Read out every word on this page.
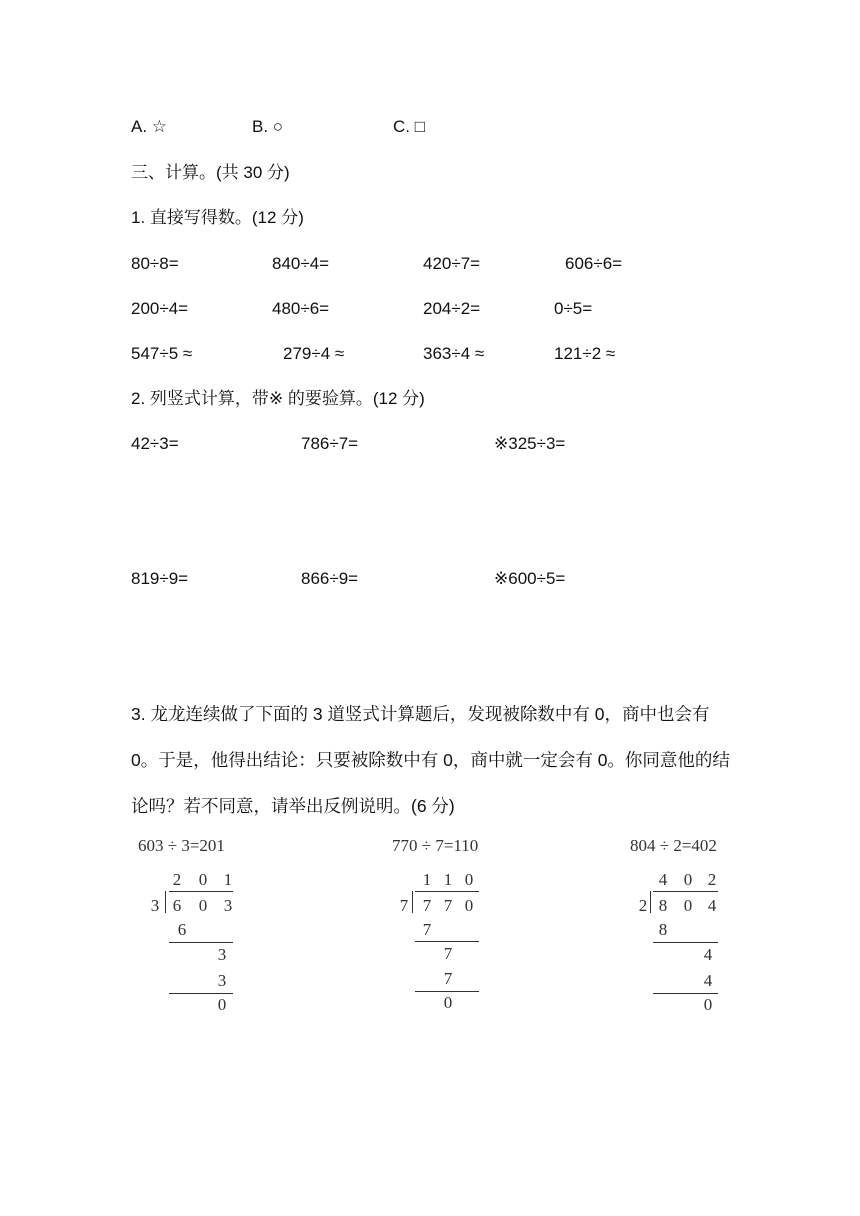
A. ☆	B. ○	C. □
三、计算。(共 30 分)
1. 直接写得数。(12 分)
80÷8=	840÷4=	420÷7=	606÷6=
200÷4=	480÷6=	204÷2=	0÷5=
547÷5 ≈	279÷4 ≈	363÷4 ≈	121÷2 ≈
2. 列竖式计算，带※ 的要验算。(12 分)
42÷3=	786÷7=	※325÷3=
819÷9=	866÷9=	※600÷5=
3. 龙龙连续做了下面的 3 道竖式计算题后，发现被除数中有 0，商中也会有 0。于是，他得出结论：只要被除数中有 0，商中就一定会有 0。你同意他的结论吗？若不同意，请举出反例说明。(6 分)
603 ÷ 3=201
2 0 1
3 6 0 3
6
3
3
0
770 ÷ 7=110
1 1 0
7 7 7 0
7
7
7
0
804 ÷ 2=402
4 0 2
2 8 0 4
8
4
4
0
